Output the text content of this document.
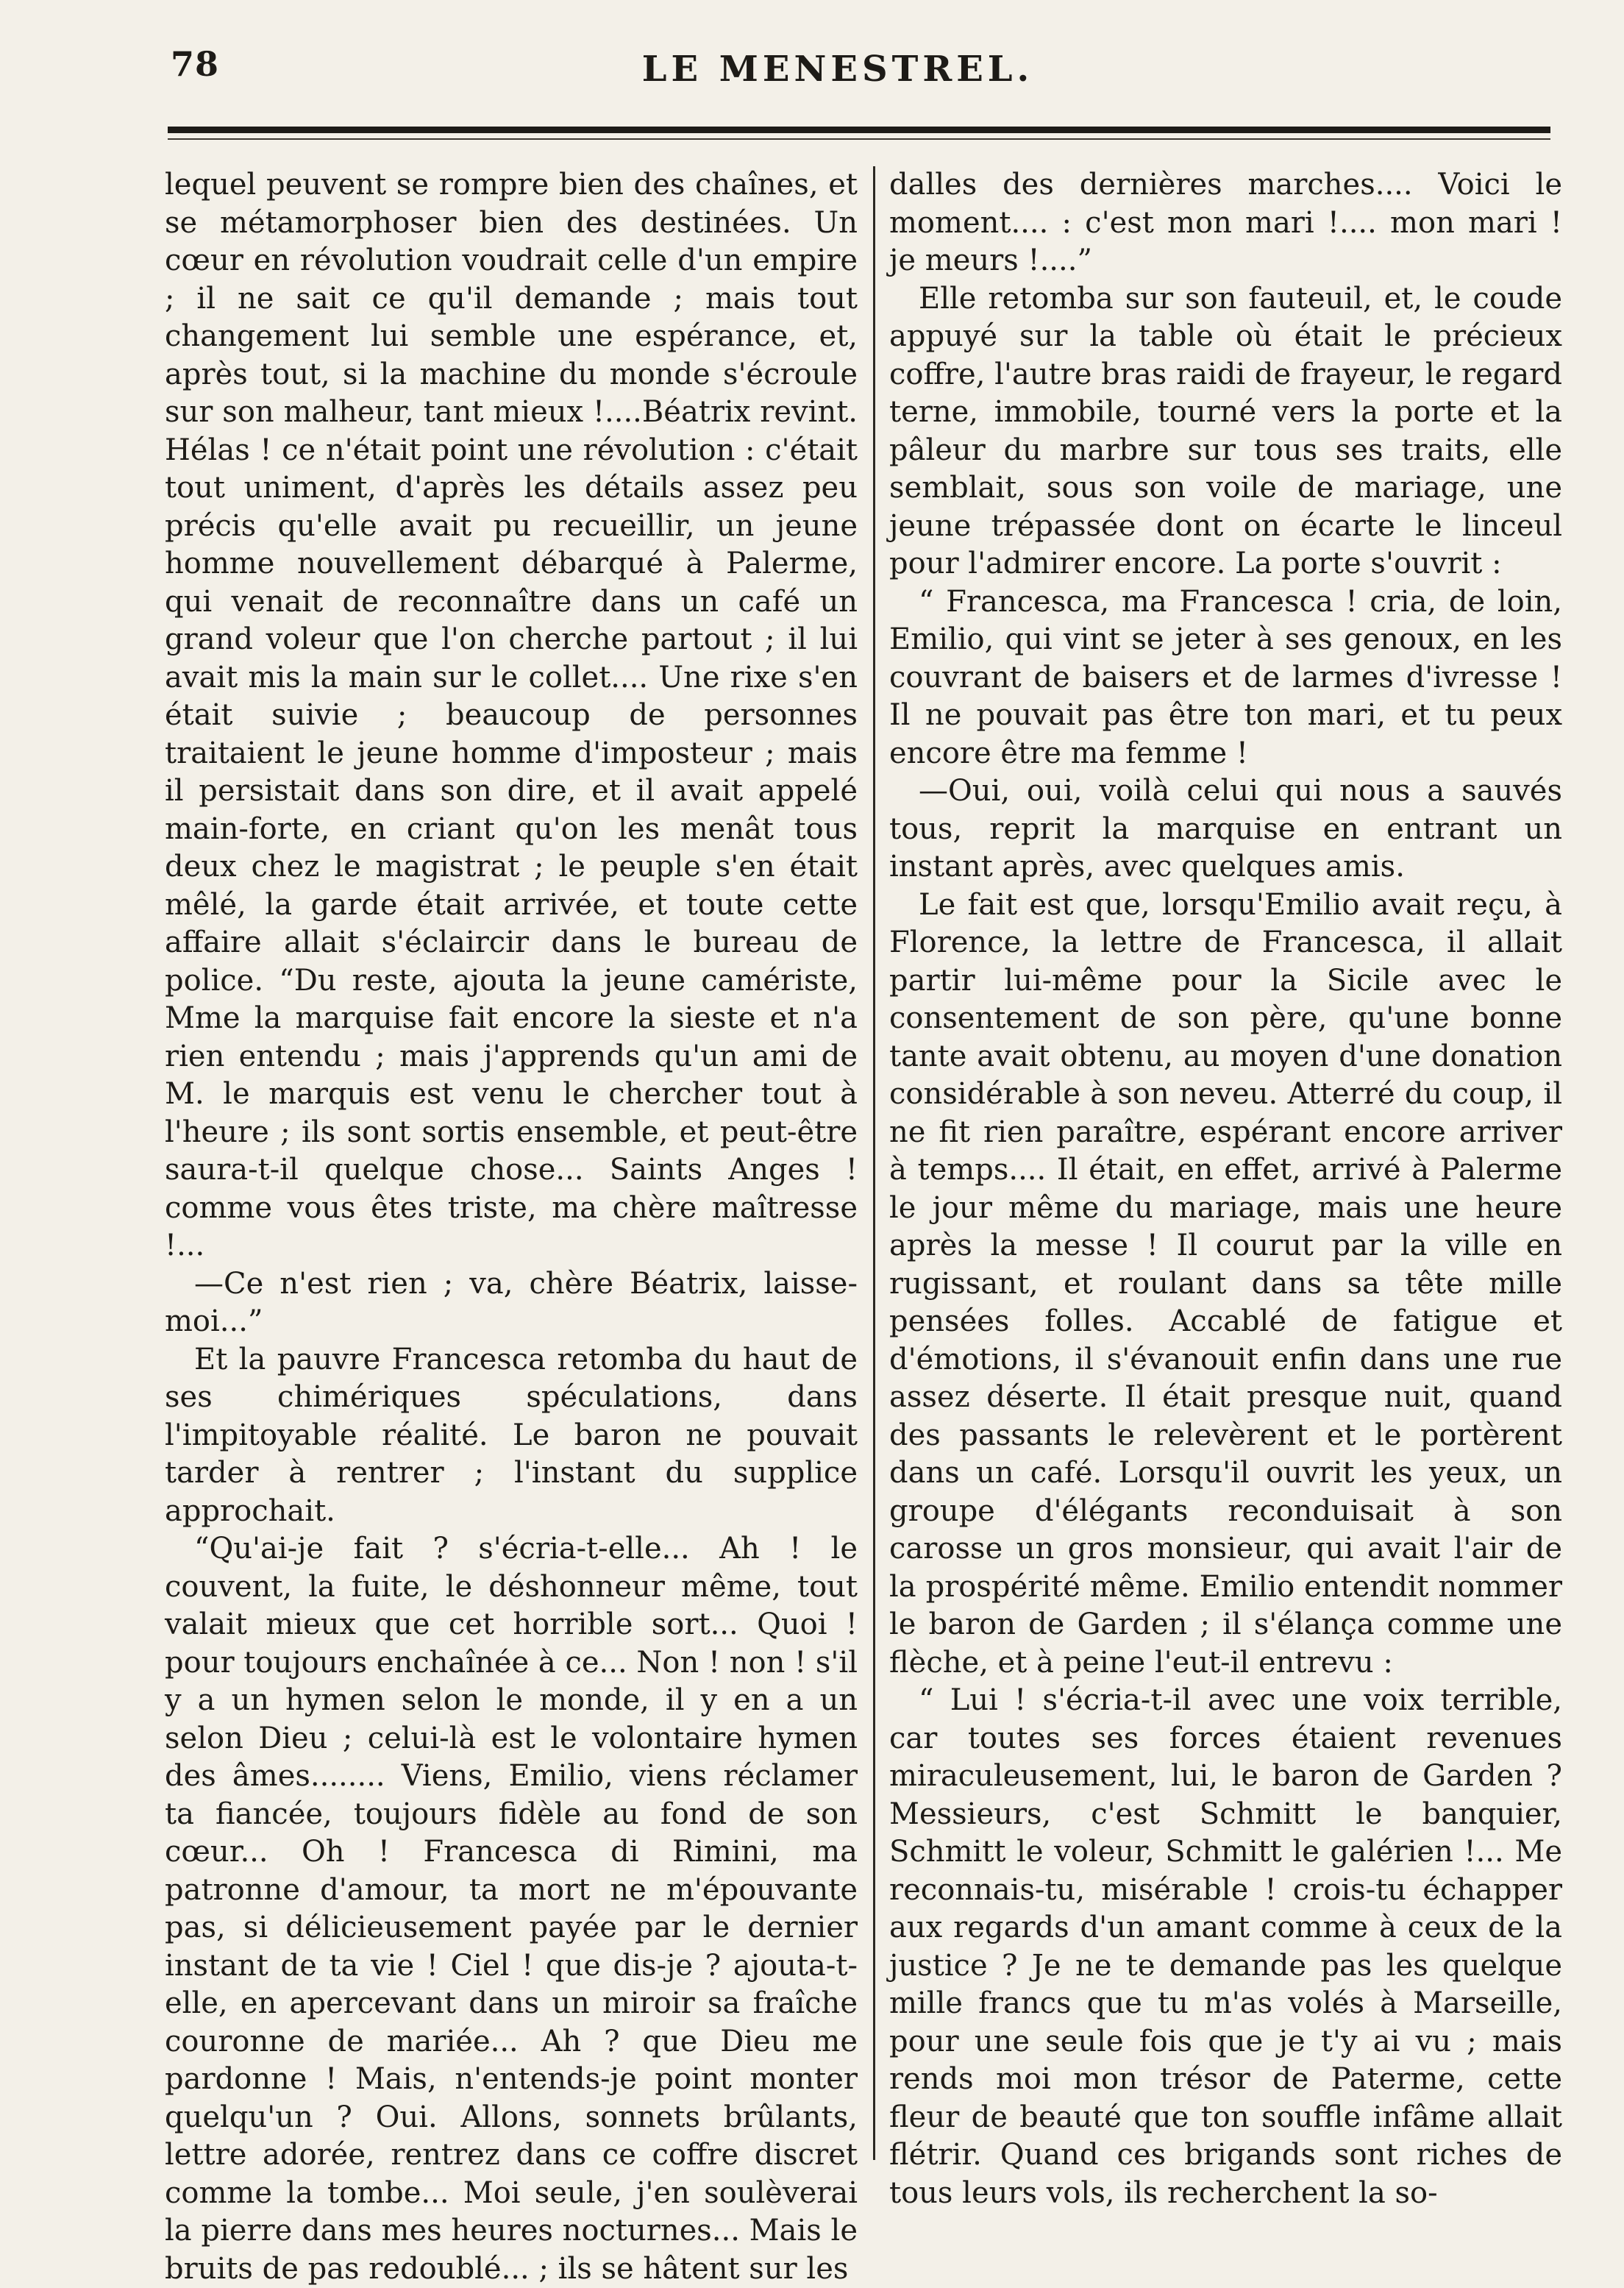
78	LE MENESTREL.

lequel peuvent se rompre bien des chaînes, et se métamorphoser bien des destinées. Un cœur en révolution voudrait celle d'un empire ; il ne sait ce qu'il demande ; mais tout changement lui semble une espérance, et, après tout, si la machine du monde s'écroule sur son malheur, tant mieux !....Béatrix revint. Hélas ! ce n'était point une révolution : c'était tout uniment, d'après les détails assez peu précis qu'elle avait pu recueillir, un jeune homme nouvellement débarqué à Palerme, qui venait de reconnaître dans un café un grand voleur que l'on cherche partout ; il lui avait mis la main sur le collet.... Une rixe s'en était suivie ; beaucoup de personnes traitaient le jeune homme d'imposteur ; mais il persistait dans son dire, et il avait appelé main-forte, en criant qu'on les menât tous deux chez le magistrat ; le peuple s'en était mêlé, la garde était arrivée, et toute cette affaire allait s'éclaircir dans le bureau de police. “Du reste, ajouta la jeune camériste, Mme la marquise fait encore la sieste et n'a rien entendu ; mais j'apprends qu'un ami de M. le marquis est venu le chercher tout à l'heure ; ils sont sortis ensemble, et peut-être saura-t-il quelque chose... Saints Anges ! comme vous êtes triste, ma chère maîtresse !...

—Ce n'est rien ; va, chère Béatrix, laisse-moi...”

Et la pauvre Francesca retomba du haut de ses chimériques spéculations, dans l'impitoyable réalité. Le baron ne pouvait tarder à rentrer ; l'instant du supplice approchait.

“Qu'ai-je fait ? s'écria-t-elle... Ah ! le couvent, la fuite, le déshonneur même, tout valait mieux que cet horrible sort... Quoi ! pour toujours enchaînée à ce... Non ! non ! s'il y a un hymen selon le monde, il y en a un selon Dieu ; celui-là est le volontaire hymen des âmes........ Viens, Emilio, viens réclamer ta fiancée, toujours fidèle au fond de son cœur... Oh ! Francesca di Rimini, ma patronne d'amour, ta mort ne m'épouvante pas, si délicieusement payée par le dernier instant de ta vie ! Ciel ! que dis-je ? ajouta-t-elle, en apercevant dans un miroir sa fraîche couronne de mariée... Ah ? que Dieu me pardonne ! Mais, n'entends-je point monter quelqu'un ? Oui. Allons, sonnets brûlants, lettre adorée, rentrez dans ce coffre discret comme la tombe... Moi seule, j'en soulèverai la pierre dans mes heures nocturnes... Mais le bruits de pas redoublé... ; ils se hâtent sur les

dalles des dernières marches.... Voici le moment.... : c'est mon mari !.... mon mari ! je meurs !....”

Elle retomba sur son fauteuil, et, le coude appuyé sur la table où était le précieux coffre, l'autre bras raidi de frayeur, le regard terne, immobile, tourné vers la porte et la pâleur du marbre sur tous ses traits, elle semblait, sous son voile de mariage, une jeune trépassée dont on écarte le linceul pour l'admirer encore. La porte s'ouvrit :

“ Francesca, ma Francesca ! cria, de loin, Emilio, qui vint se jeter à ses genoux, en les couvrant de baisers et de larmes d'ivresse ! Il ne pouvait pas être ton mari, et tu peux encore être ma femme !

—Oui, oui, voilà celui qui nous a sauvés tous, reprit la marquise en entrant un instant après, avec quelques amis.

Le fait est que, lorsqu'Emilio avait reçu, à Florence, la lettre de Francesca, il allait partir lui-même pour la Sicile avec le consentement de son père, qu'une bonne tante avait obtenu, au moyen d'une donation considérable à son neveu. Atterré du coup, il ne fit rien paraître, espérant encore arriver à temps.... Il était, en effet, arrivé à Palerme le jour même du mariage, mais une heure après la messe ! Il courut par la ville en rugissant, et roulant dans sa tête mille pensées folles. Accablé de fatigue et d'émotions, il s'évanouit enfin dans une rue assez déserte. Il était presque nuit, quand des passants le relevèrent et le portèrent dans un café. Lorsqu'il ouvrit les yeux, un groupe d'élégants reconduisait à son carosse un gros monsieur, qui avait l'air de la prospérité même. Emilio entendit nommer le baron de Garden ; il s'élança comme une flèche, et à peine l'eut-il entrevu :

“ Lui ! s'écria-t-il avec une voix terrible, car toutes ses forces étaient revenues miraculeusement, lui, le baron de Garden ? Messieurs, c'est Schmitt le banquier, Schmitt le voleur, Schmitt le galérien !... Me reconnais-tu, misérable ! crois-tu échapper aux regards d'un amant comme à ceux de la justice ? Je ne te demande pas les quelque mille francs que tu m'as volés à Marseille, pour une seule fois que je t'y ai vu ; mais rends moi mon trésor de Paterme, cette fleur de beauté que ton souffle infâme allait flétrir. Quand ces brigands sont riches de tous leurs vols, ils recherchent la so-
